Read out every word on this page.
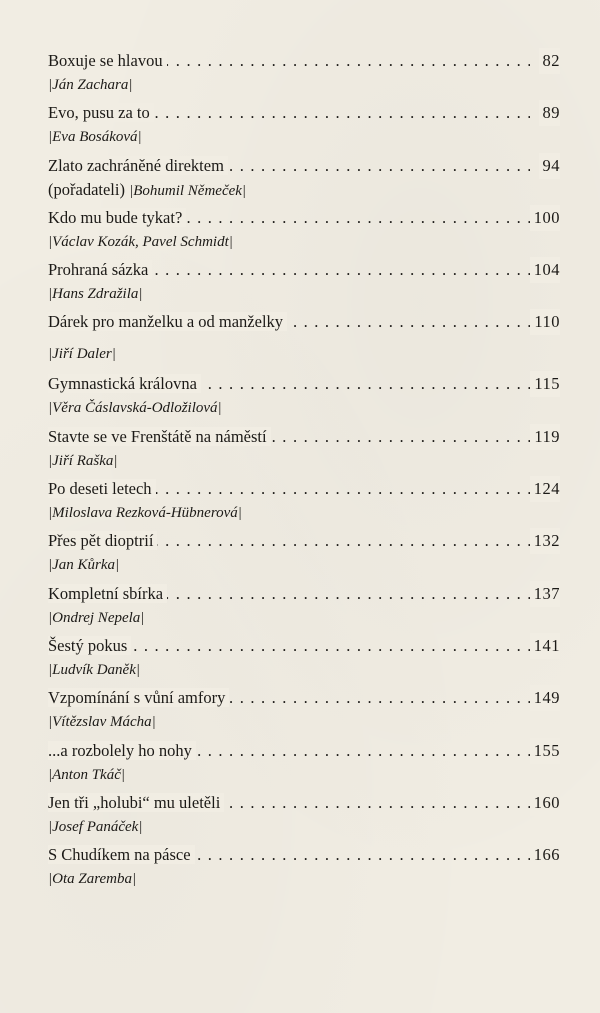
. . .
Boxuje se hlavou	82
|Ján Zachara|
. . .
Evo, pusu za to	89
|Eva Bosáková|
. . .
Zlato zachráněné direktem	94
(pořadateli) |Bohumil Němeček|
. . .
Kdo mu bude tykat?	100
|Václav Kozák, Pavel Schmidt|
. . .
Prohraná sázka	104
|Hans Zdražila|
. . .
Dárek pro manželku a od manželky	110
|Jiří Daler|
. . .
Gymnastická královna	115
|Věra Čáslavská-Odložilová|
. . .
Stavte se ve Frenštátě na náměstí	119
|Jiří Raška|
. . .
Po deseti letech	124
|Miloslava Rezková-Hübnerová|
. . .
Přes pět dioptrií	132
|Jan Kůrka|
. . .
Kompletní sbírka	137
|Ondrej Nepela|
. . .
Šestý pokus	141
|Ludvík Daněk|
. . .
Vzpomínání s vůní amfory	149
|Vítězslav Mácha|
. . .
...a rozbolely ho nohy	155
|Anton Tkáč|
. . .
Jen tři „holubi“ mu uletěli	160
|Josef Panáček|
. . .
S Chudíkem na pásce	166
|Ota Zaremba|
